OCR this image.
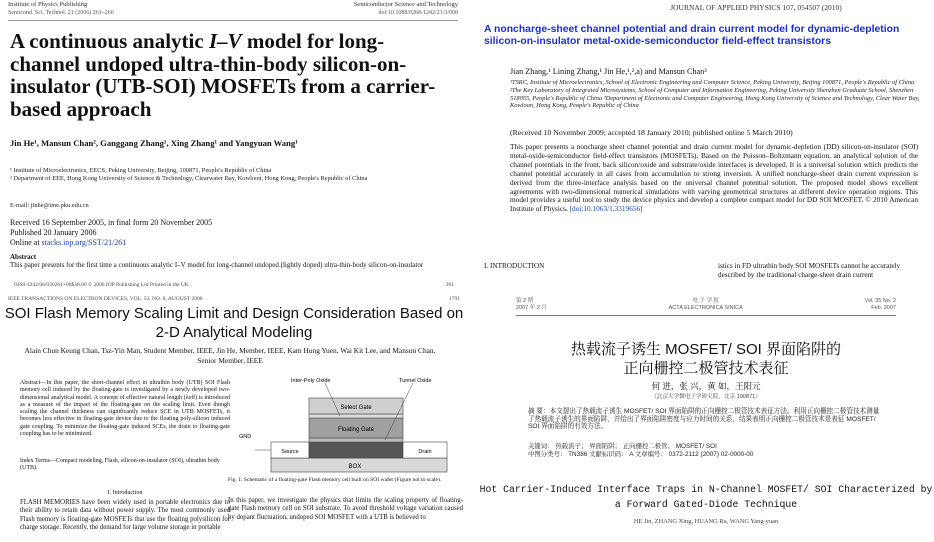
Institute of Physics Publishing	Semiconductor Science and Technology
Semicond. Sci. Technol. 21 (2006) 261–266	doi:10.1088/0268-1242/21/3/008
A continuous analytic I–V model for long-channel undoped ultra-thin-body silicon-on-insulator (UTB-SOI) MOSFETs from a carrier-based approach
Jin He¹, Mansun Chan², Ganggang Zhang¹, Xing Zhang¹ and Yangyuan Wang¹
¹ Institute of Microelectronics, EECS, Peking University, Beijing, 100871, People's Republic of China
² Department of EEE, Hong Kong University of Science & Technology, Clearwater Bay, Kowloon, Hong Kong, People's Republic of China
E-mail: jinhe@ime.pku.edu.cn
Received 16 September 2005, in final form 20 November 2005
Published 20 January 2006
Online at stacks.iop.org/SST/21/261
Abstract
This paper presents for the first time a continuous analytic I–V model for long-channel undoped (lightly doped) ultra-thin-body silicon-on-insulator
0268-1242/06/030261+06$30.00 © 2006 IOP Publishing Ltd Printed in the UK	261
JOURNAL OF APPLIED PHYSICS 107, 054507 (2010)
A noncharge-sheet channel potential and drain current model for dynamic-depletion silicon-on-insulator metal-oxide-semiconductor field-effect transistors
Jian Zhang,¹ Lining Zhang,¹ Jin He,¹,²,a) and Mansun Chan³
¹TSRC, Institute of Microelectronics, School of Electronic Engineering and Computer Science, Peking University, Beijing 100871, People's Republic of China ²The Key Laboratory of Integrated Microsystems, School of Computer and Information Engineering, Peking University Shenzhen Graduate School, Shenzhen 518055, People's Republic of China ³Department of Electronic and Computer Engineering, Hong Kong University of Science and Technology, Clear Water Bay, Kowloon, Hong Kong, People's Republic of China
(Received 10 November 2009; accepted 18 January 2010; published online 5 March 2010)
This paper presents a noncharge sheet channel potential and drain current model for dynamic-depletion (DD) silicon-on-insulator (SOI) metal-oxide-semiconductor field-effect transistors (MOSFETs). Based on the Poisson–Boltzmann equation, an analytical solution of the channel potentials in the front, back silicon/oxide and substrate/oxide interfaces is developed. It is a universal solution which predicts the channel potential accurately in all cases from accumulation to strong inversion. A unified noncharge-sheet drain current expression is derived from the three-interface analysis based on the universal channel potential solution. The proposed model shows excellent agreements with two-dimensional numerical simulations with varying geometrical structures at different device operation regions. This model provides a useful tool to study the device physics and develop a complete compact model for DD SOI MOSFET. © 2010 American Institute of Physics. [doi:10.1063/1.3319656]
I. INTRODUCTION	istics in FD ultrathin body SOI MOSFETs cannot be accurately described by the traditional charge-sheet drain current
IEEE TRANSACTIONS ON ELECTRON DEVICES, VOL. 53, NO. 8, AUGUST 2006	1791
SOI Flash Memory Scaling Limit and Design Consideration Based on 2-D Analytical Modeling
Alain Chun Keung Chan, Tsz-Yin Man, Student Member, IEEE, Jin He, Member, IEEE, Kam Hung Yuen, Wai Kit Lee, and Mansun Chan, Senior Member, IEEE
Abstract—In this paper, the short-channel effect in ultrathin body (UTB) SOI Flash memory cell induced by the floating-gate is investigated by a newly developed two-dimensional analytical model. A concept of effective natural length (λeff) is introduced as a measure of the impact of the floating-gate on the scaling limit. Even though scaling the channel thickness can significantly reduce SCE in UTB MOSFETs, it becomes less effective in floating-gate device due to the floating poly-silicon induced gate coupling. To minimize the floating-gate induced SCEs, the drain to floating-gate coupling has to be minimized.
Index Terms—Compact modeling, Flash, silicon-on-insulator (SOI), ultrathin body (UTB).
I. Introduction
FLASH MEMORIES have been widely used in portable electronics due to their ability to retain data without power supply. The most commonly used Flash memory is floating-gate MOSFETs that use the floating polysilicon for charge storage. Recently, the demand for large volume storage in portable
BOX
Source	Drain
Floating Gate
Select Gate
Inter-Poly Oxide	Tunnel Oxide
GND
Fig. 1. Schematic of a floating-gate Flash memory cell built on SOI wafer (Figure not to scale).
In this paper, we investigate the physics that limits the scaling property of floating-gate Flash memory cell on SOI substrate. To avoid threshold voltage variation caused by dopant fluctuation, undoped SOI MOSFET with a UTB is believed to
第 2 期
2007 年 2 月
电 子 学 报
ACTA ELECTRONICA SINICA
Vol. 35 No. 2
Feb. 2007
热载流子诱生 MOSFET/ SOI 界面陷阱的
正向栅控二极管技术表征
何 进，张 兴，黄 如，王阳元
（北京大学微电子学研究院，北京 100871）
摘 要：本文提出了热载流子诱生 MOSFET/ SOI 界面陷阱的正向栅控二极管技术表征方法。利用正向栅控二极管技术测量了热载流子诱生的界面陷阱，并给出了界面陷阱密度与应力时间的关系，结果表明正向栅控二极管技术是表征 MOSFET/ SOI 界面陷阱的有效方法。
关键词： 热载流子； 界面陷阱； 正向栅控二极管； MOSFET/ SOI
中图分类号： TN386 文献标识码： A 文章编号： 0372-2112 (2007) 02-0000-00
Hot Carrier-Induced Interface Traps in N-Channel MOSFET/ SOI Characterized by a Forward Gated-Diode Technique
HE Jin, ZHANG Xing, HUANG Ru, WANG Yang-yuan
